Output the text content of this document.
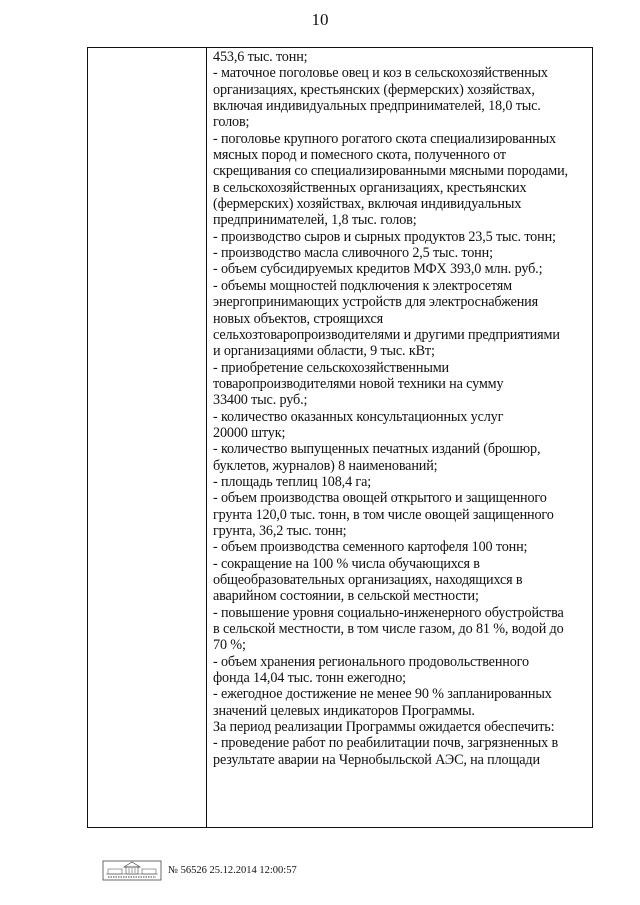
10
453,6 тыс. тонн;
- маточное поголовье овец и коз в сельскохозяйственных
организациях, крестьянских (фермерских) хозяйствах,
включая индивидуальных предпринимателей, 18,0 тыс.
голов;
- поголовье крупного рогатого скота специализированных
мясных пород и помесного скота, полученного от
скрещивания со специализированными мясными породами,
в сельскохозяйственных организациях, крестьянских
(фермерских) хозяйствах, включая индивидуальных
предпринимателей, 1,8 тыс. голов;
- производство сыров и сырных продуктов 23,5 тыс. тонн;
- производство масла сливочного 2,5 тыс. тонн;
- объем субсидируемых кредитов МФХ 393,0 млн. руб.;
- объемы мощностей подключения к электросетям
энергопринимающих устройств для электроснабжения
новых объектов, строящихся
сельхозтоваропроизводителями и другими предприятиями
и организациями области, 9 тыс. кВт;
- приобретение сельскохозяйственными
товаропроизводителями новой техники на сумму
33400 тыс. руб.;
- количество оказанных консультационных услуг
20000 штук;
- количество выпущенных печатных изданий (брошюр,
буклетов, журналов) 8 наименований;
- площадь теплиц 108,4 га;
- объем производства овощей открытого и защищенного
грунта 120,0 тыс. тонн, в том числе овощей защищенного
грунта, 36,2 тыс. тонн;
- объем производства семенного картофеля 100 тонн;
- сокращение на 100 % числа обучающихся в
общеобразовательных организациях, находящихся в
аварийном состоянии, в сельской местности;
- повышение уровня социально-инженерного обустройства
в сельской местности, в том числе газом, до 81 %, водой до
70 %;
- объем хранения регионального продовольственного
фонда 14,04 тыс. тонн ежегодно;
- ежегодное достижение не менее 90 % запланированных
значений целевых индикаторов Программы.
За период реализации Программы ожидается обеспечить:
- проведение работ по реабилитации почв, загрязненных в
результате аварии на Чернобыльской АЭС, на площади
№ 56526 25.12.2014 12:00:57
